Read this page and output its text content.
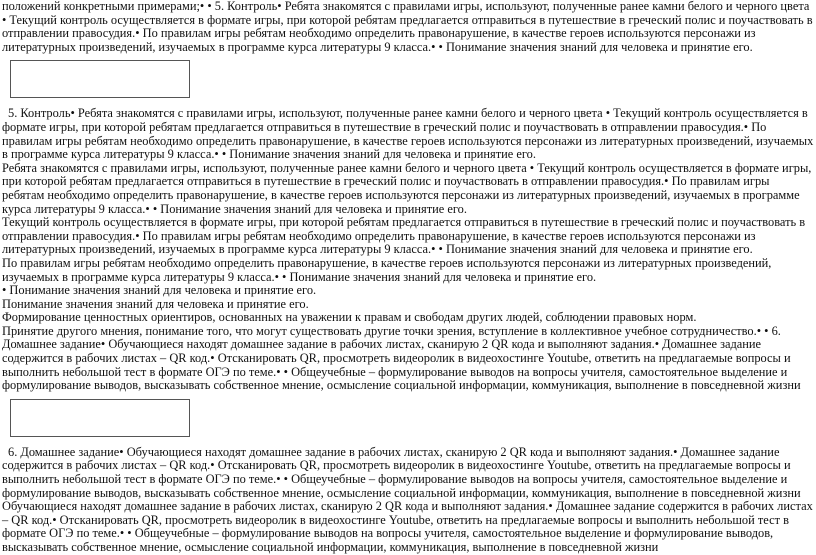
положений конкретными примерами;• • 5. Контроль• Ребята знакомятся с правилами игры, используют, полученные ранее камни белого и черного цвета • Текущий контроль осуществляется в формате игры, при которой ребятам предлагается отправиться в путешествие в греческий полис и поучаствовать в отправлении правосудия.• По правилам игры ребятам необходимо определить правонарушение, в качестве героев используются персонажи из литературных произведений, изучаемых в программе курса литературы 9 класса.• • Понимание значения знаний для человека и принятие его.

5. Контроль• Ребята знакомятся с правилами игры, используют, полученные ранее камни белого и черного цвета • Текущий контроль осуществляется в формате игры, при которой ребятам предлагается отправиться в путешествие в греческий полис и поучаствовать в отправлении правосудия.• По правилам игры ребятам необходимо определить правонарушение, в качестве героев используются персонажи из литературных произведений, изучаемых в программе курса литературы 9 класса.• • Понимание значения знаний для человека и принятие его.

Ребята знакомятся с правилами игры, используют, полученные ранее камни белого и черного цвета • Текущий контроль осуществляется в формате игры, при которой ребятам предлагается отправиться в путешествие в греческий полис и поучаствовать в отправлении правосудия.• По правилам игры ребятам необходимо определить правонарушение, в качестве героев используются персонажи из литературных произведений, изучаемых в программе курса литературы 9 класса.• • Понимание значения знаний для человека и принятие его.

Текущий контроль осуществляется в формате игры, при которой ребятам предлагается отправиться в путешествие в греческий полис и поучаствовать в отправлении правосудия.• По правилам игры ребятам необходимо определить правонарушение, в качестве героев используются персонажи из литературных произведений, изучаемых в программе курса литературы 9 класса.• • Понимание значения знаний для человека и принятие его.

По правилам игры ребятам необходимо определить правонарушение, в качестве героев используются персонажи из литературных произведений, изучаемых в программе курса литературы 9 класса.• • Понимание значения знаний для человека и принятие его.

• Понимание значения знаний для человека и принятие его.

Понимание значения знаний для человека и принятие его.

Формирование ценностных ориентиров, основанных на уважении к правам и свободам других людей, соблюдении правовых норм.

Принятие другого мнения, понимание того, что могут существовать другие точки зрения, вступление в коллективное учебное сотрудничество.• • 6. Домашнее задание• Обучающиеся находят домашнее задание в рабочих листах, сканирую 2 QR кода и выполняют задания.• Домашнее задание содержится в рабочих листах – QR код.• Отсканировать QR, просмотреть видеоролик в видеохостинге Youtube, ответить на предлагаемые вопросы и выполнить небольшой тест в формате ОГЭ по теме.• • Общеучебные – формулирование выводов на вопросы учителя, самостоятельное выделение и формулирование выводов, высказывать собственное мнение, осмысление социальной информации, коммуникация, выполнение в повседневной жизни

6. Домашнее задание• Обучающиеся находят домашнее задание в рабочих листах, сканирую 2 QR кода и выполняют задания.• Домашнее задание содержится в рабочих листах – QR код.• Отсканировать QR, просмотреть видеоролик в видеохостинге Youtube, ответить на предлагаемые вопросы и выполнить небольшой тест в формате ОГЭ по теме.• • Общеучебные – формулирование выводов на вопросы учителя, самостоятельное выделение и формулирование выводов, высказывать собственное мнение, осмысление социальной информации, коммуникация, выполнение в повседневной жизни

Обучающиеся находят домашнее задание в рабочих листах, сканирую 2 QR кода и выполняют задания.• Домашнее задание содержится в рабочих листах – QR код.• Отсканировать QR, просмотреть видеоролик в видеохостинге Youtube, ответить на предлагаемые вопросы и выполнить небольшой тест в формате ОГЭ по теме.• • Общеучебные – формулирование выводов на вопросы учителя, самостоятельное выделение и формулирование выводов, высказывать собственное мнение, осмысление социальной информации, коммуникация, выполнение в повседневной жизни
